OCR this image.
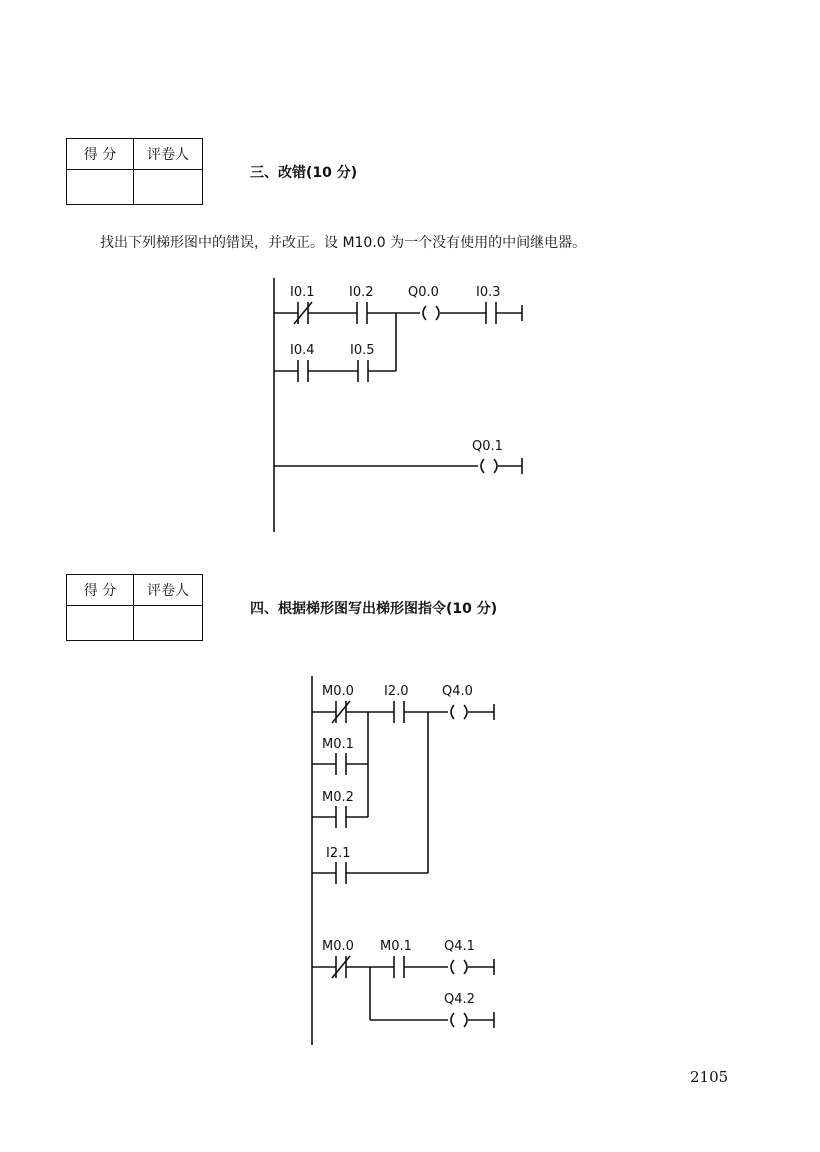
得 分	评卷人

三、改错(10 分)
找出下列梯形图中的错误，并改正。设 M10.0 为一个没有使用的中间继电器。
I0.1	I0.2	Q0.0	I0.3
I0.4	I0.5
Q0.1
得 分	评卷人

四、根据梯形图写出梯形图指令(10 分)
M0.0 I2.0	Q4.0
M0.1
M0.2
I2.1
M0.0 M0.1 Q4.1
Q4.2
2105
